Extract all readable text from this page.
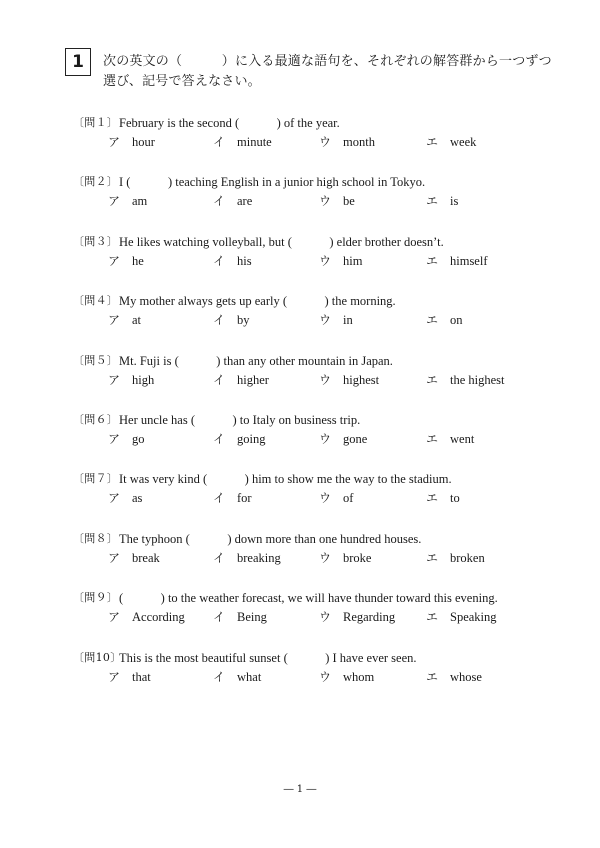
1 次の英文の（　　　）に入る最適な語句を、それぞれの解答群から一つずつ選び、記号で答えなさい。
〔問１〕 February is the second (　　　) of the year.
ア hour	イ minute	ウ month	エ week
〔問２〕 I (　　　) teaching English in a junior high school in Tokyo.
ア am	イ are	ウ be	エ is
〔問３〕 He likes watching volleyball, but (　　　) elder brother doesn’t.
ア he	イ his	ウ him	エ himself
〔問４〕 My mother always gets up early (　　　) the morning.
ア at	イ by	ウ in	エ on
〔問５〕 Mt. Fuji is (　　　) than any other mountain in Japan.
ア high	イ higher	ウ highest	エ the highest
〔問６〕 Her uncle has (　　　) to Italy on business trip.
ア go	イ going	ウ gone	エ went
〔問７〕 It was very kind (　　　) him to show me the way to the stadium.
ア as	イ for	ウ of	エ to
〔問８〕 The typhoon (　　　) down more than one hundred houses.
ア break	イ breaking	ウ broke	エ broken
〔問９〕 (　　　) to the weather forecast, we will have thunder toward this evening.
ア According イ Being	ウ Regarding	エ Speaking
〔問10〕
This is the most beautiful sunset (　　　) I have ever seen.
ア that	イ what	ウ whom	エ whose
― 1 ―
